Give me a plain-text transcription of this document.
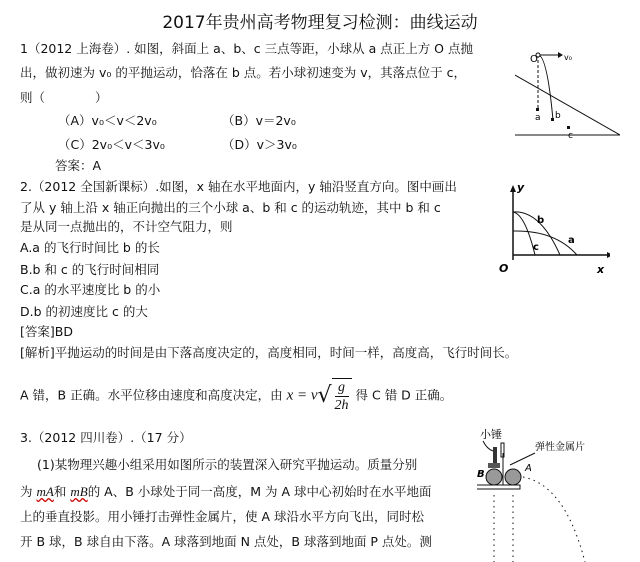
2017年贵州高考物理复习检测：曲线运动
1（2012 上海卷）. 如图，斜面上 a、b、c 三点等距，小球从 a 点正上方 O 点抛
出，做初速为 v₀ 的平抛运动，恰落在 b 点。若小球初速变为 v，其落点位于 c，
则（　　　　）
（A）v₀＜v＜2v₀	（B）v＝2v₀
（C）2v₀＜v＜3v₀	（D）v＞3v₀
答案：A
O	v₀
a b
c
2.（2012 全国新课标）.如图，x 轴在水平地面内，y 轴沿竖直方向。图中画出
了从 y 轴上沿 x 轴正向抛出的三个小球 a、b 和 c 的运动轨迹，其中 b 和 c
是从同一点抛出的，不计空气阻力，则
A.a 的飞行时间比 b 的长
B.b 和 c 的飞行时间相同
C.a 的水平速度比 b 的小
D.b 的初速度比 c 的大
[答案]BD
[解析]平抛运动的时间是由下落高度决定的，高度相同，时间一样，高度高，飞行时间长。
A 错，B 正确。水平位移由速度和高度决定，由 $x = v√ \frac{g}{2h}$ 得 C 错 D 正确。
y
x
O
b
a
c
3.（2012 四川卷）.（17 分）
(1)某物理兴趣小组采用如图所示的装置深入研究平抛运动。质量分别
为 mA和 mB的 A、B 小球处于同一高度，M 为 A 球中心初始时在水平地面
上的垂直投影。用小锤打击弹性金属片，使 A 球沿水平方向飞出，同时松
开 B 球，B 球自由下落。A 球落到地面 N 点处，B 球落到地面 P 点处。测
小锤
弹性金属片
B
A
